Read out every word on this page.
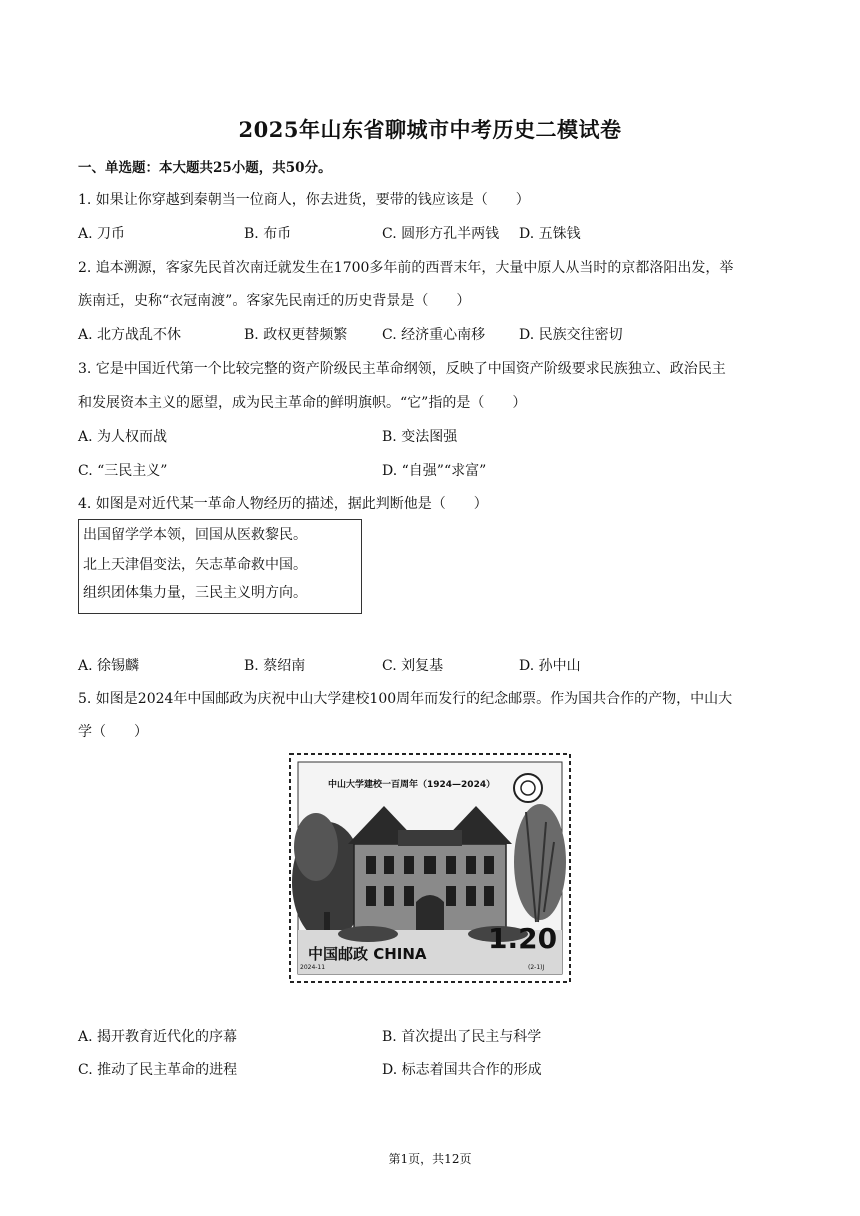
2025年山东省聊城市中考历史二模试卷
一、单选题：本大题共25小题，共50分。
1. 如果让你穿越到秦朝当一位商人，你去进货，要带的钱应该是（　　）
A. 刀币	B. 布币	C. 圆形方孔半两钱 D. 五铢钱
2. 追本溯源，客家先民首次南迁就发生在1700多年前的西晋末年，大量中原人从当时的京都洛阳出发，举
族南迁，史称“衣冠南渡”。客家先民南迁的历史背景是（　　）
A. 北方战乱不休	B. 政权更替频繁 C. 经济重心南移 D. 民族交往密切
3. 它是中国近代第一个比较完整的资产阶级民主革命纲领，反映了中国资产阶级要求民族独立、政治民主
和发展资本主义的愿望，成为民主革命的鲜明旗帜。“它”指的是（　　）
A. 为人权而战	B. 变法图强
C. “三民主义”	D. “自强”“求富”
4. 如图是对近代某一革命人物经历的描述，据此判断他是（　　）
出国留学学本领，回国从医救黎民。
北上天津倡变法，矢志革命救中国。
组织团体集力量，三民主义明方向。
A. 徐锡麟	B. 蔡绍南	C. 刘复基	D. 孙中山
5. 如图是2024年中国邮政为庆祝中山大学建校100周年而发行的纪念邮票。作为国共合作的产物，中山大
学（　　）
中山大学建校一百周年（1924—2024）
中国邮政 CHINA 1.20
2024-11	(2-1)J
A. 揭开教育近代化的序幕	B. 首次提出了民主与科学
C. 推动了民主革命的进程	D. 标志着国共合作的形成
第1页，共12页
